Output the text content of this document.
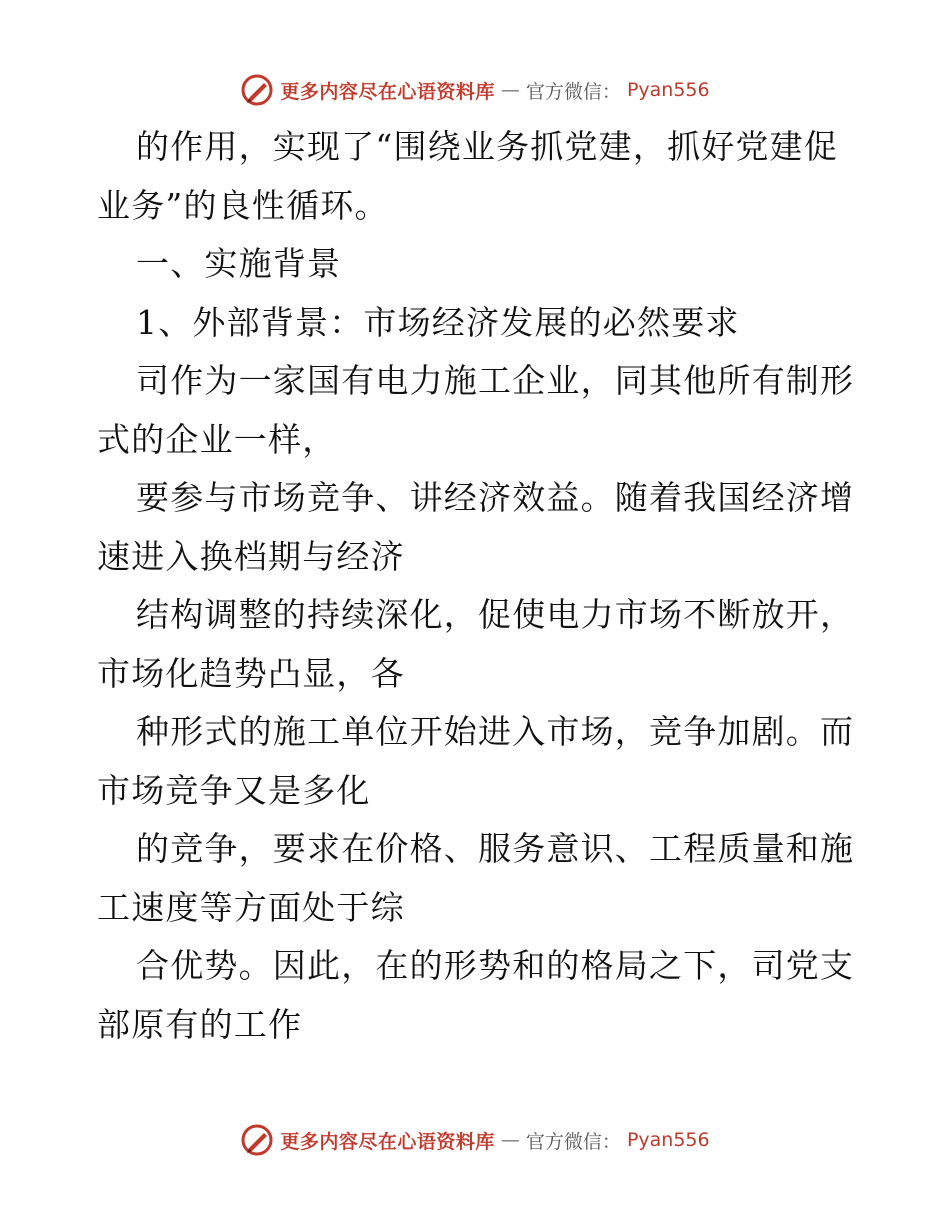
更多内容尽在心语资料库 — 官方微信： Pyan556
的作用，实现了“围绕业务抓党建，抓好党建促
业务”的良性循环。
一、实施背景
1、外部背景：市场经济发展的必然要求
司作为一家国有电力施工企业，同其他所有制形
式的企业一样，
要参与市场竞争、讲经济效益。随着我国经济增
速进入换档期与经济
结构调整的持续深化，促使电力市场不断放开，
市场化趋势凸显，各
种形式的施工单位开始进入市场，竞争加剧。而
市场竞争又是多化
的竞争，要求在价格、服务意识、工程质量和施
工速度等方面处于综
合优势。因此，在的形势和的格局之下，司党支
部原有的工作
更多内容尽在心语资料库 — 官方微信： Pyan556
